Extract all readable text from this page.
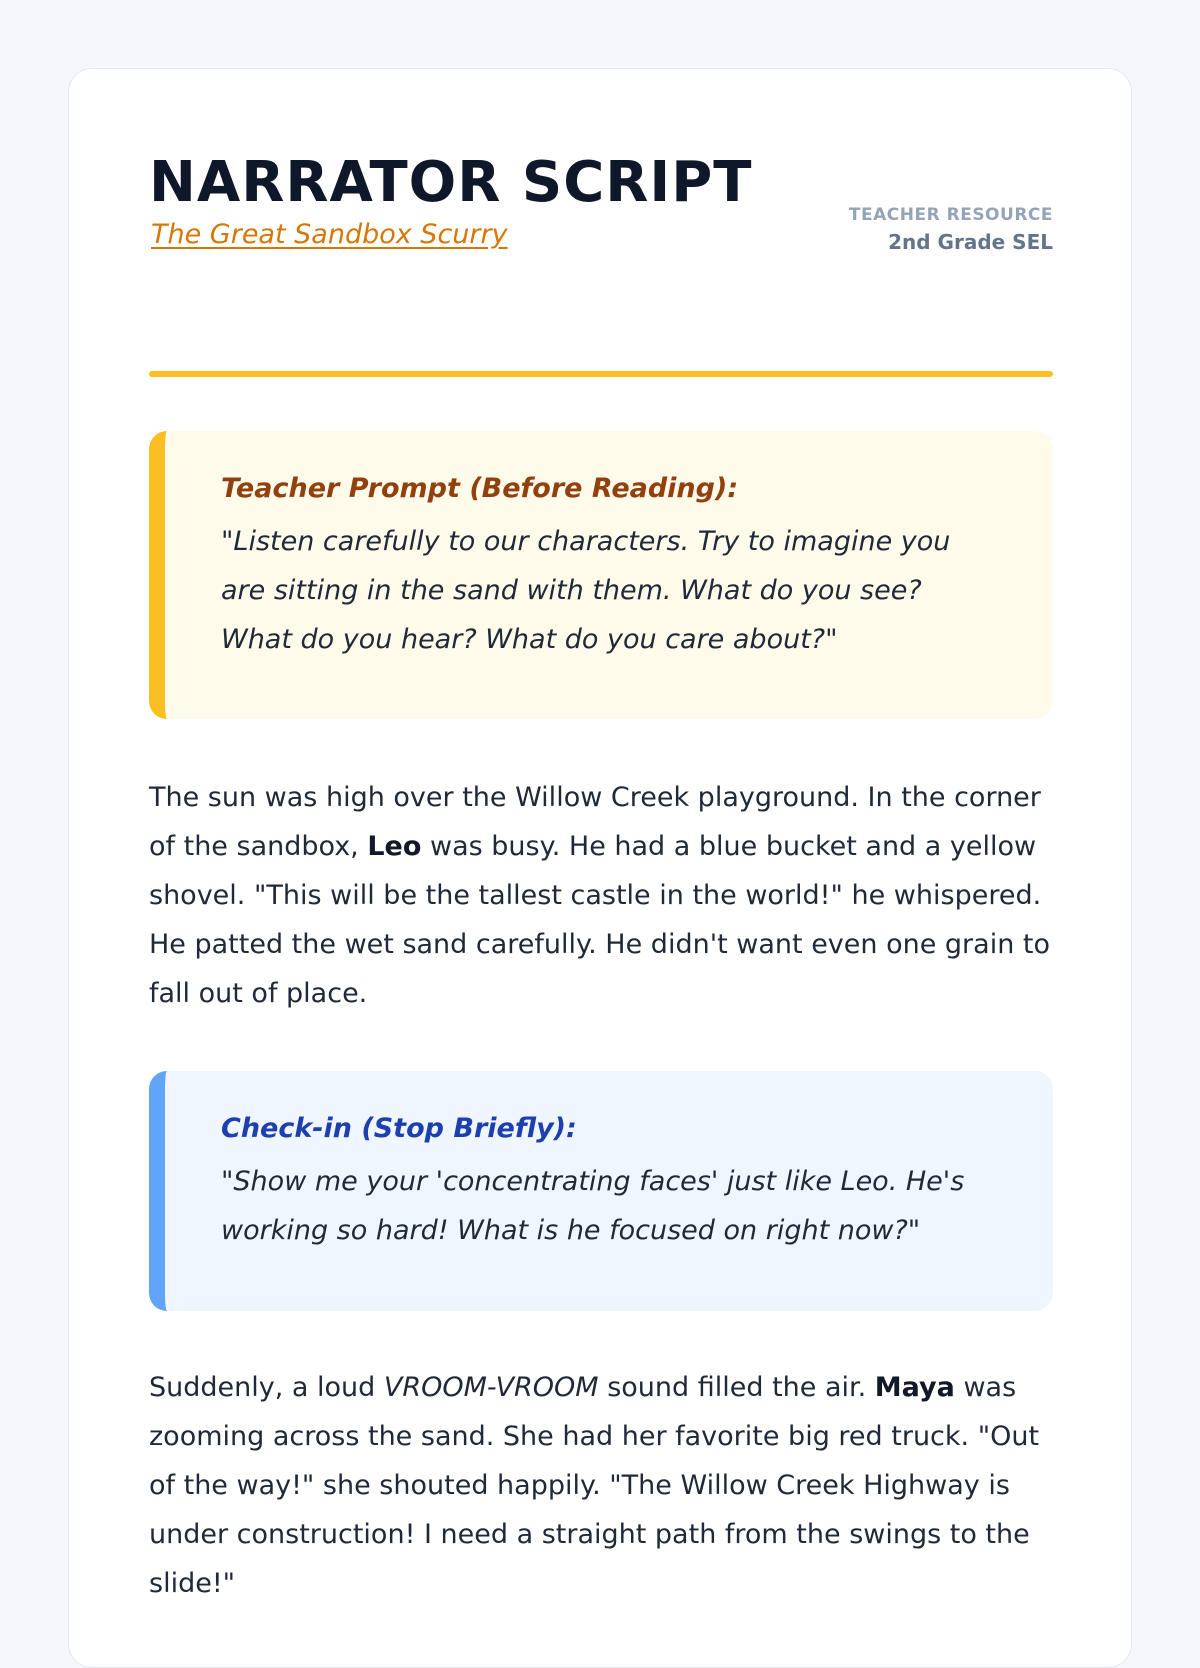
NARRATOR SCRIPT
The Great Sandbox Scurry
TEACHER RESOURCE
2nd Grade SEL
Teacher Prompt (Before Reading):

"Listen carefully to our characters. Try to imagine you are sitting in the sand with them. What do you see? What do you hear? What do you care about?"

The sun was high over the Willow Creek playground. In the corner of the sandbox, Leo was busy. He had a blue bucket and a yellow shovel. "This will be the tallest castle in the world!" he whispered. He patted the wet sand carefully. He didn't want even one grain to fall out of place.

Check-in (Stop Briefly):

"Show me your 'concentrating faces' just like Leo. He's working so hard! What is he focused on right now?"

Suddenly, a loud VROOM-VROOM sound filled the air. Maya was zooming across the sand. She had her favorite big red truck. "Out of the way!" she shouted happily. "The Willow Creek Highway is under construction! I need a straight path from the swings to the slide!"
